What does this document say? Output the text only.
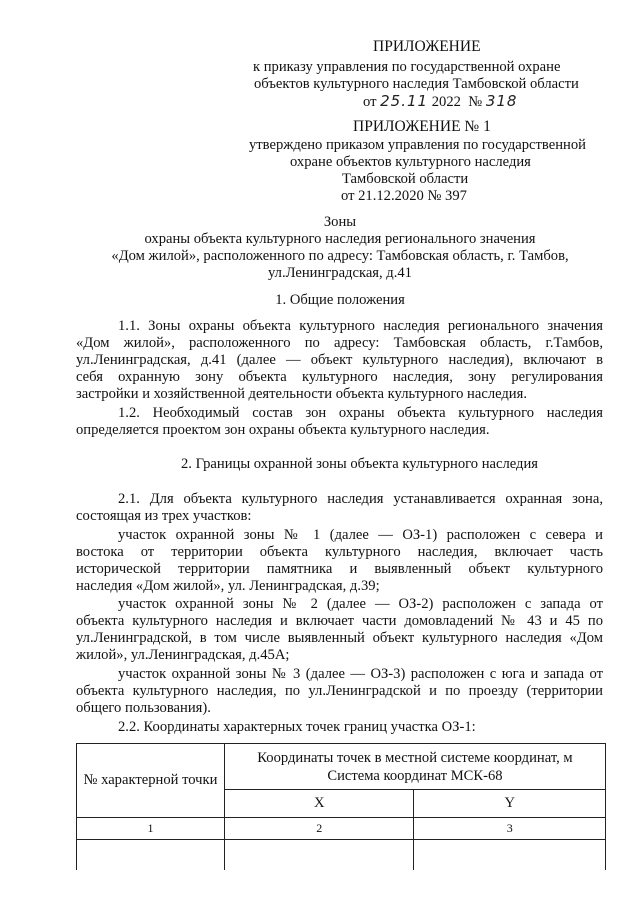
ПРИЛОЖЕНИЕ
к приказу управления по государственной охране
объектов культурного наследия Тамбовской области
от 25.11 2022 № 318
ПРИЛОЖЕНИЕ № 1
утверждено приказом управления по государственной
охране объектов культурного наследия
Тамбовской области
от 21.12.2020 № 397
Зоны
охраны объекта культурного наследия регионального значения
«Дом жилой», расположенного по адресу: Тамбовская область, г. Тамбов,
ул.Ленинградская, д.41
1. Общие положения
1.1. Зоны охраны объекта культурного наследия регионального значения
«Дом жилой», расположенного по адресу: Тамбовская область, г.Тамбов,
ул.Ленинградская, д.41 (далее — объект культурного наследия), включают в
себя охранную зону объекта культурного наследия, зону регулирования
застройки и хозяйственной деятельности объекта культурного наследия.
1.2. Необходимый состав зон охраны объекта культурного наследия
определяется проектом зон охраны объекта культурного наследия.
2. Границы охранной зоны объекта культурного наследия
2.1. Для объекта культурного наследия устанавливается охранная зона,
состоящая из трех участков:
участок охранной зоны № 1 (далее — ОЗ-1) расположен с севера и
востока от территории объекта культурного наследия, включает часть
исторической территории памятника и выявленный объект культурного
наследия «Дом жилой», ул. Ленинградская, д.39;
участок охранной зоны № 2 (далее — ОЗ-2) расположен с запада от
объекта культурного наследия и включает части домовладений № 43 и 45 по
ул.Ленинградской, в том числе выявленный объект культурного наследия «Дом
жилой», ул.Ленинградская, д.45А;
участок охранной зоны № 3 (далее — ОЗ-3) расположен с юга и запада от
объекта культурного наследия, по ул.Ленинградской и по проезду (территории
общего пользования).
2.2. Координаты характерных точек границ участка ОЗ-1:
№ характерной точки	Координаты точек в местной системе координат, м
Система координат МСК-68	

	X	Y
1	2	3
